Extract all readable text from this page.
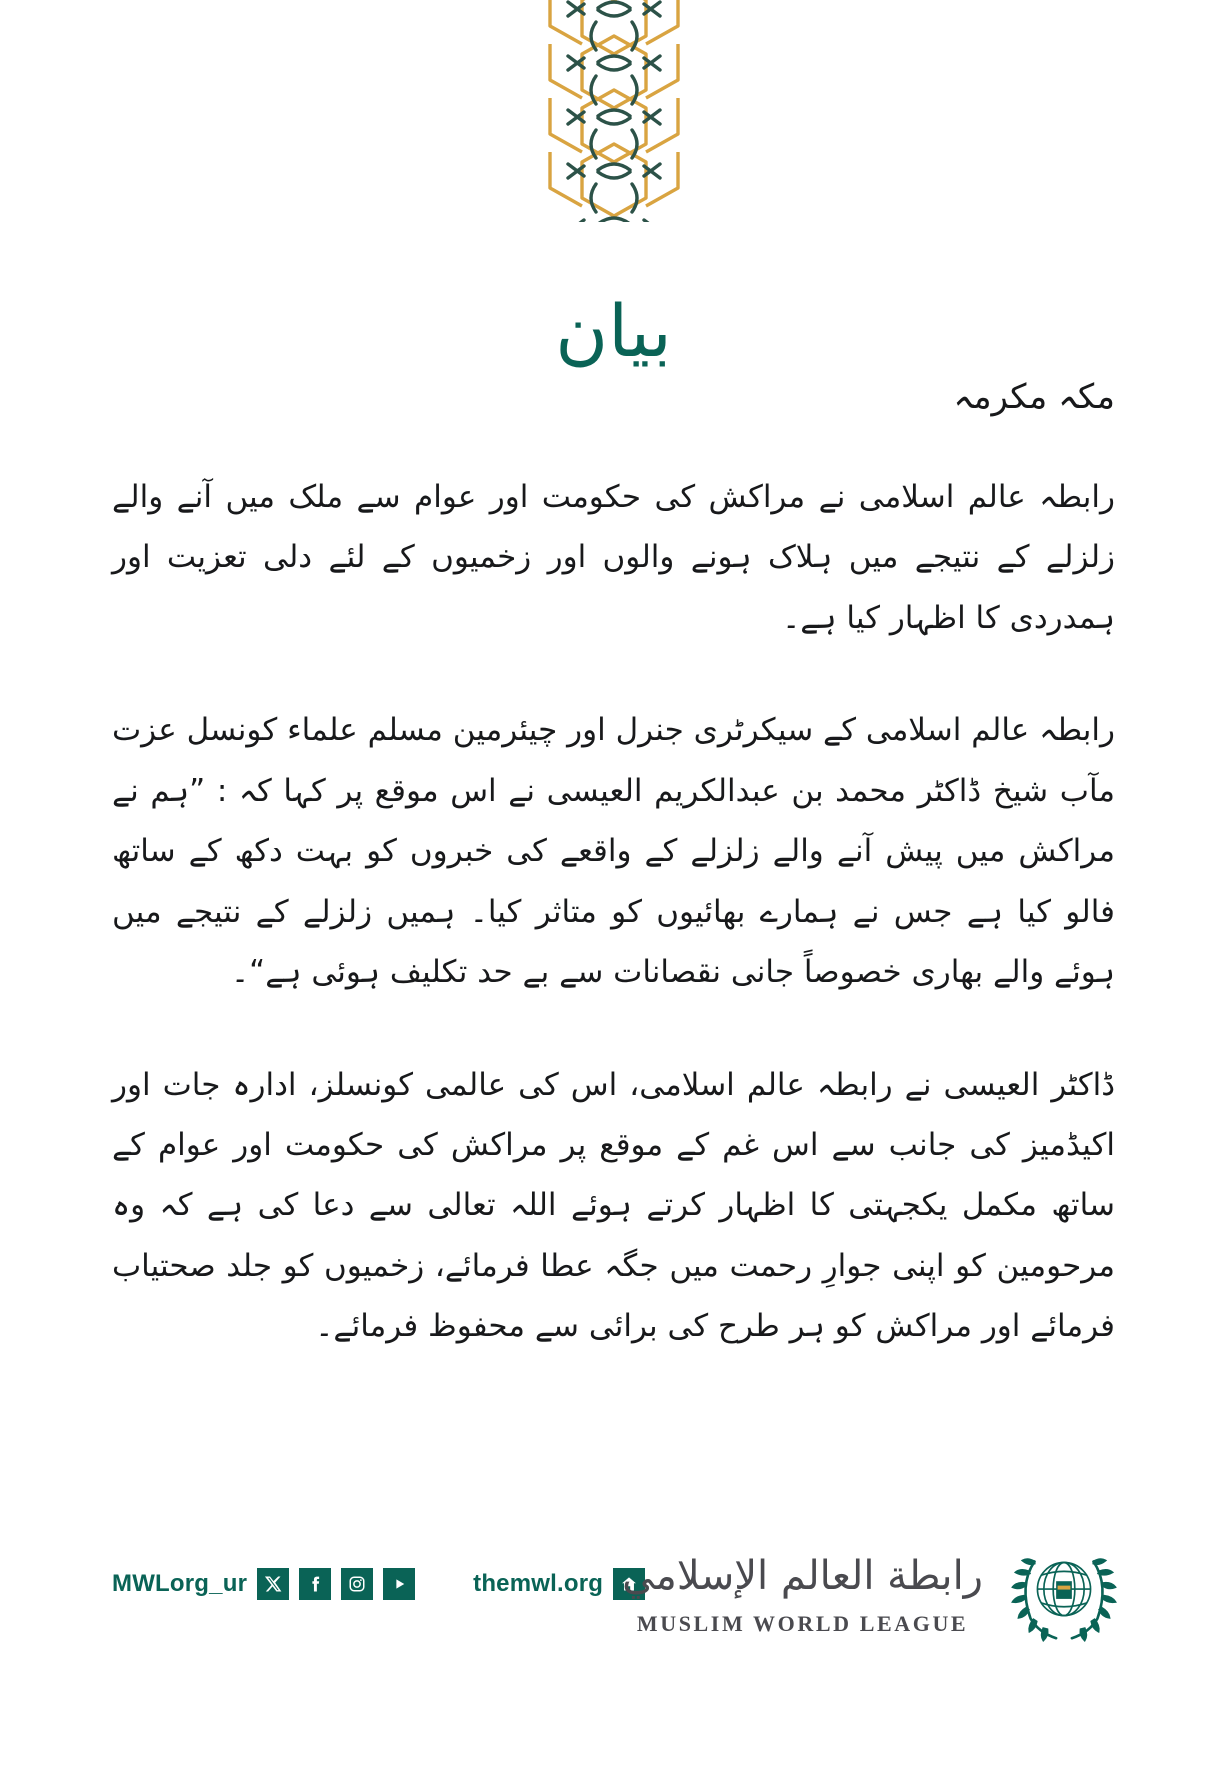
بیان
مکہ مکرمہ

رابطہ عالم اسلامی نے مراکش کی حکومت اور عوام سے ملک میں آنے والے زلزلے کے نتیجے میں ہلاک ہونے والوں اور زخمیوں کے لئے دلی تعزیت اور ہمدردی کا اظہار کیا ہے۔

رابطہ عالم اسلامی کے سیکرٹری جنرل اور چیئرمین مسلم علماء کونسل عزت مآب شیخ ڈاکٹر محمد بن عبدالکریم العیسی نے اس موقع پر کہا کہ : ”ہم نے مراکش میں پیش آنے والے زلزلے کے واقعے کی خبروں کو بہت دکھ کے ساتھ فالو کیا ہے جس نے ہمارے بھائیوں کو متاثر کیا۔ ہمیں زلزلے کے نتیجے میں ہوئے والے بھاری خصوصاً جانی نقصانات سے بے حد تکلیف ہوئی ہے“۔

ڈاکٹر العیسی نے رابطہ عالم اسلامی، اس کی عالمی کونسلز، ادارہ جات اور اکیڈمیز کی جانب سے اس غم کے موقع پر مراکش کی حکومت اور عوام کے ساتھ مکمل یکجہتی کا اظہار کرتے ہوئے اللہ تعالی سے دعا کی ہے کہ وہ مرحومین کو اپنی جوارِ رحمت میں جگہ عطا فرمائے، زخمیوں کو جلد صحتیاب فرمائے اور مراکش کو ہر طرح کی برائی سے محفوظ فرمائے۔

MWLorg_ur	themwl.org رابطة العالم الإسلامي
MUSLIM WORLD LEAGUE
